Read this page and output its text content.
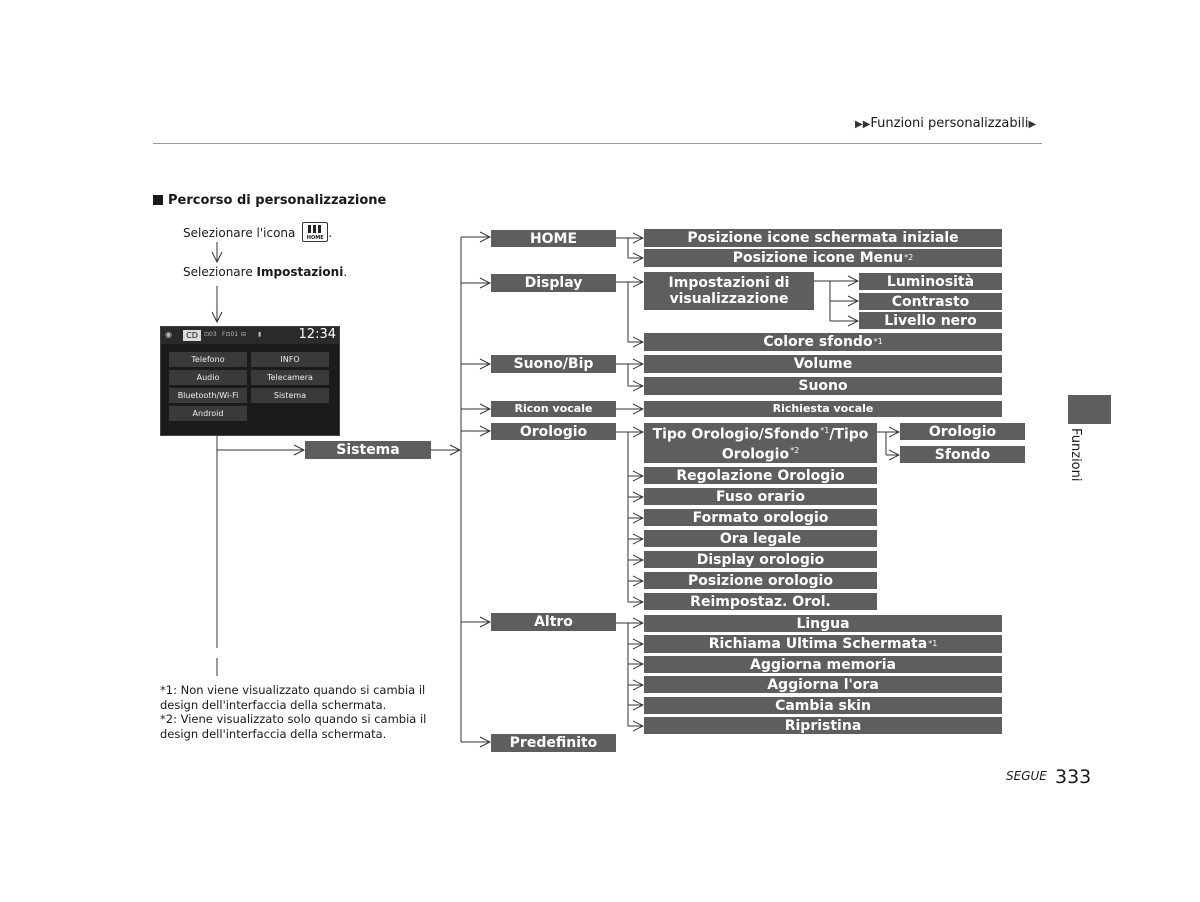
▶▶Funzioni personalizzabili▶
Percorso di personalizzazione
Selezionare l'icona	HOME .
Selezionare Impostazioni.
◉	CD	⊡03 F⊡01 ⊟ ▮	12:34
Telefono	INFO
Audio	Telecamera
Bluetooth/Wi-Fi	Sistema
Android
Sistema
HOME
Display
Suono/Bip
Ricon vocale
Orologio
Altro
Predefinito
Posizione icone schermata iniziale
Posizione icone Menu *2
Impostazioni di visualizzazione
Luminosità
Contrasto
Livello nero
Colore sfondo *1
Volume
Suono
Richiesta vocale
Tipo Orologio/Sfondo$^{*1}$/Tipo Orologio$^{*2}$
Orologio
Sfondo
Regolazione Orologio
Fuso orario
Formato orologio
Ora legale
Display orologio
Posizione orologio
Reimpostaz. Orol.
Lingua
Richiama Ultima Schermata *1
Aggiorna memoria
Aggiorna l'ora
Cambia skin
Ripristina
*1: Non viene visualizzato quando si cambia il design dell'interfaccia della schermata.
*2: Viene visualizzato solo quando si cambia il design dell'interfaccia della schermata.
Funzioni
SEGUE 333
